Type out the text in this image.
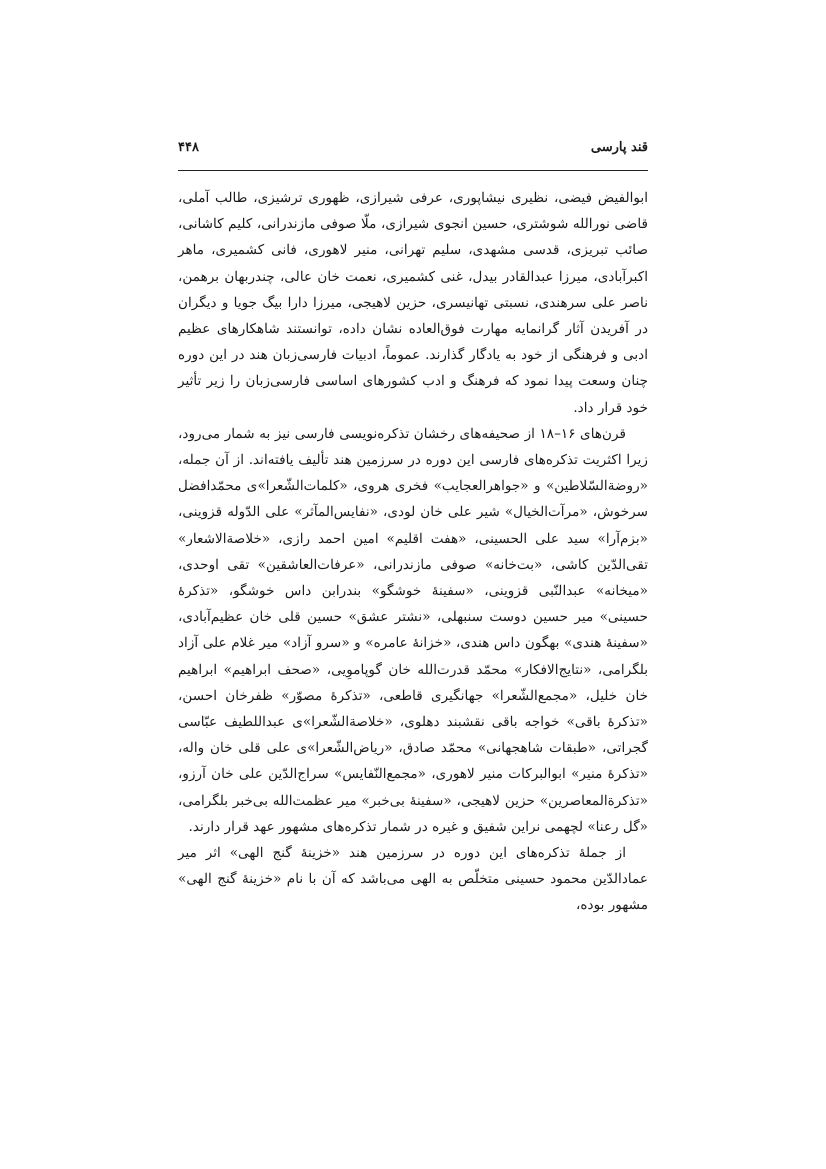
قند پارسی
۴۴۸

ابوالفیض فیضی، نظیری نیشاپوری، عرفی شیرازی، ظهوری ترشیزی، طالب آملی، قاضی نورالله شوشتری، حسین انجوی شیرازی، ملّا صوفی مازندرانی، کلیم کاشانی، صائب تبریزی، قدسی مشهدی، سلیم تهرانی، منیر لاهوری، فانی کشمیری، ماهر اکبرآبادی، میرزا عبدالقادر بیدل، غنی کشمیری، نعمت خان عالی، چندربهان برهمن، ناصر علی سرهندی، نسبتی تهانیسری، حزین لاهیجی، میرزا دارا بیگ جویا و دیگران در آفریدن آثار گرانمایه مهارت فوق‌العاده نشان داده، توانستند شاهکارهای عظیم ادبی و فرهنگی از خود به یادگار گذارند. عموماً، ادبیات فارسی‌زبان هند در این دوره چنان وسعت پیدا نمود که فرهنگ و ادب کشورهای اساسی فارسی‌زبان را زیر تأثیر خود قرار داد.

قرن‌های ۱۶–۱۸ از صحیفه‌های رخشان تذکره‌نویسی فارسی نیز به شمار می‌رود، زیرا اکثریت تذکره‌های فارسی این دوره در سرزمین هند تألیف یافته‌اند. از آن جمله، «روضة‌السّلاطین» و «جواهرالعجایب» فخری هروی، «کلمات‌الشّعرا»ی محمّدافضل سرخوش، «مرآت‌الخیال» شیر علی خان لودی، «نفایس‌المآثر» علی الدّوله قزوینی، «بزم‌آرا» سید علی الحسینی، «هفت اقلیم» امین احمد رازی، «خلاصة‌الاشعار» تقی‌الدّین کاشی، «بت‌خانه» صوفی مازندرانی، «عرفات‌العاشقین» تقی اوحدی، «میخانه» عبدالنّبی قزوینی، «سفینهٔ خوشگو» بندرابن داس خوشگو، «تذکرهٔ حسینی» میر حسین دوست سنبهلی، «نشتر عشق» حسین قلی خان عظیم‌آبادی، «سفینهٔ هندی» بهگون داس هندی، «خزانهٔ عامره» و «سرو آزاد» میر غلام علی آزاد بلگرامی، «نتایج‌الافکار» محمّد قدرت‌الله خان گوپاموِیی، «صحف ابراهیم» ابراهیم خان خلیل، «مجمع‌الشّعرا» جهانگیری قاطعی، «تذکرهٔ مصوّر» ظفرخان احسن، «تذکرهٔ باقی» خواجه باقی نقشبند دهلوی، «خلاصة‌الشّعرا»ی عبداللطیف عبّاسی گجراتی، «طبقات شاهجهانی» محمّد صادق، «ریاض‌الشّعرا»ی علی قلی خان واله، «تذکرهٔ منیر» ابوالبرکات منیر لاهوری، «مجمع‌النّفایس» سراج‌الدّین علی خان آرزو، «تذکرة‌المعاصرین» حزین لاهیجی، «سفینهٔ بی‌خبر» میر عظمت‌الله بی‌خبر بلگرامی، «گل رعنا» لچهمی نراین شفیق و غیره در شمار تذکره‌های مشهور عهد قرار دارند.

از جملهٔ تذکره‌های این دوره در سرزمین هند «خزینهٔ گنج الهی» اثر میر عمادالدّین محمود حسینی متخلّص به الهی می‌باشد که آن با نام «خزینهٔ گنج الهی» مشهور بوده،
